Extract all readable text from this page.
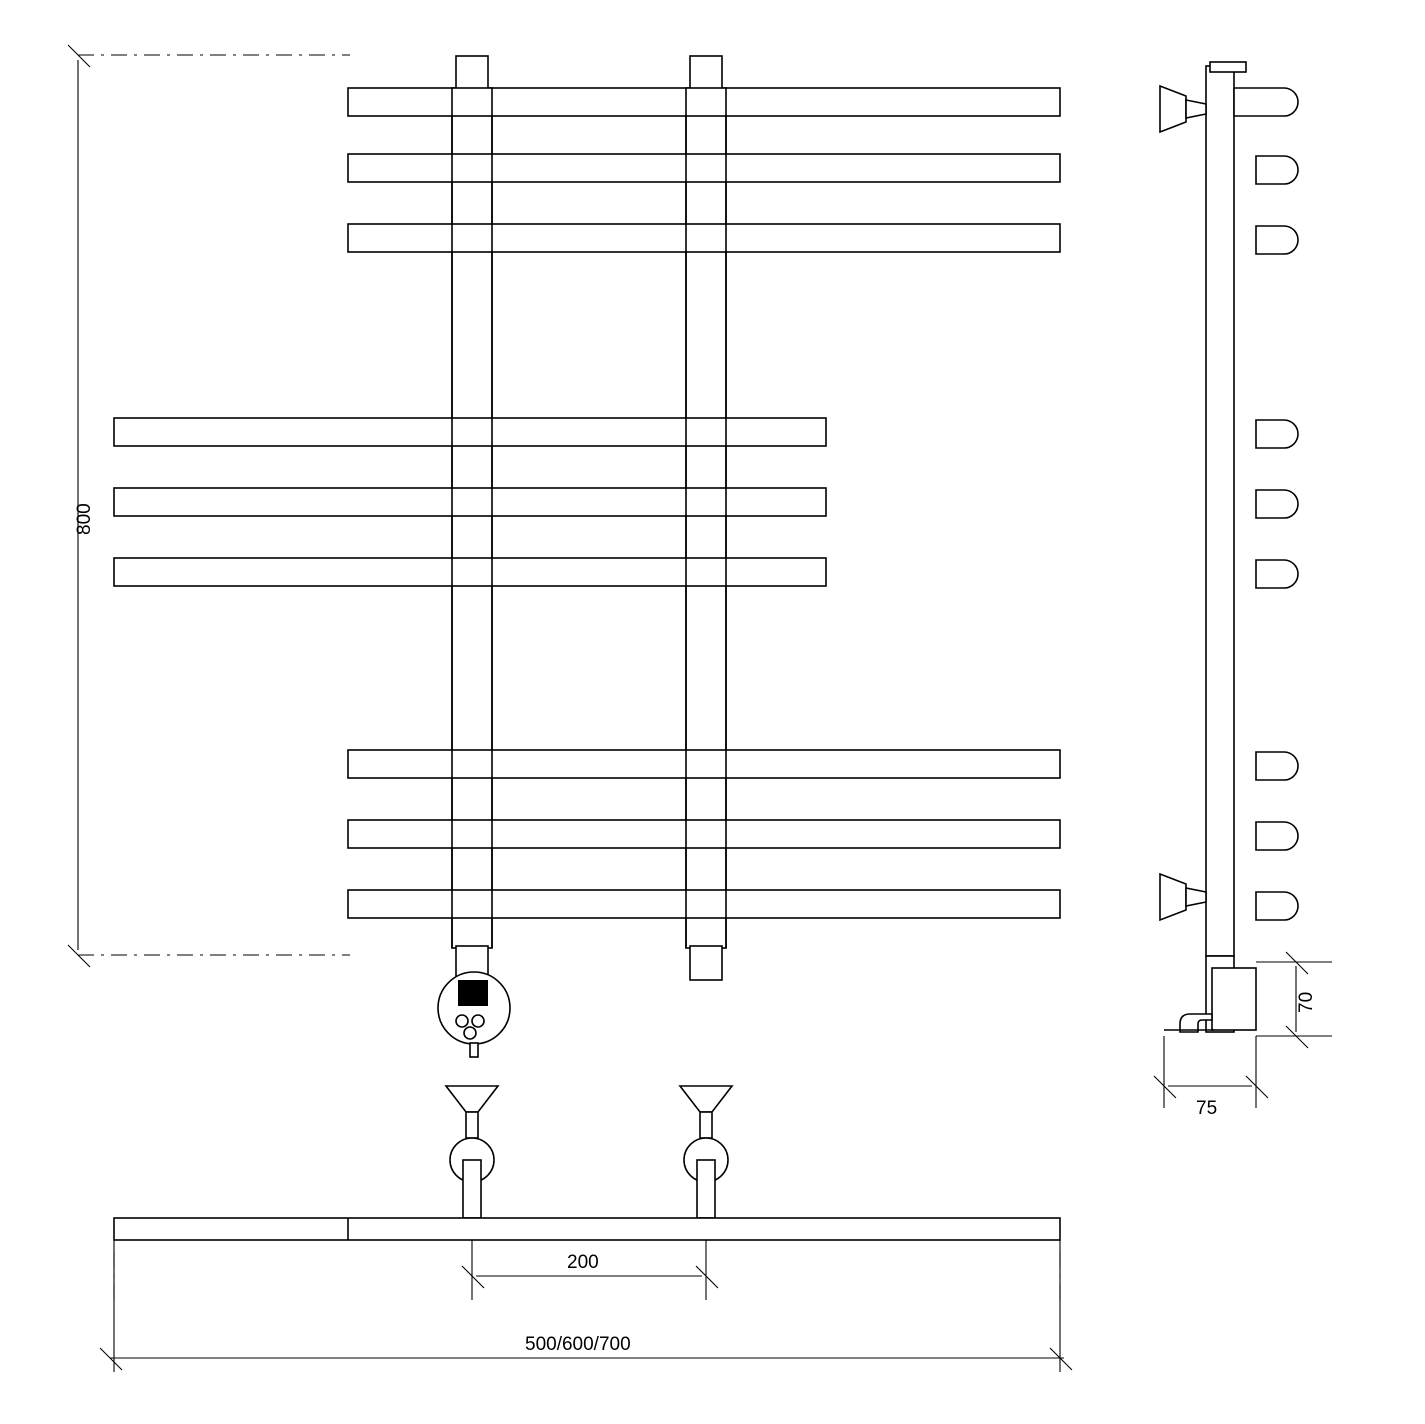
800
70
75
200
500/600/700
